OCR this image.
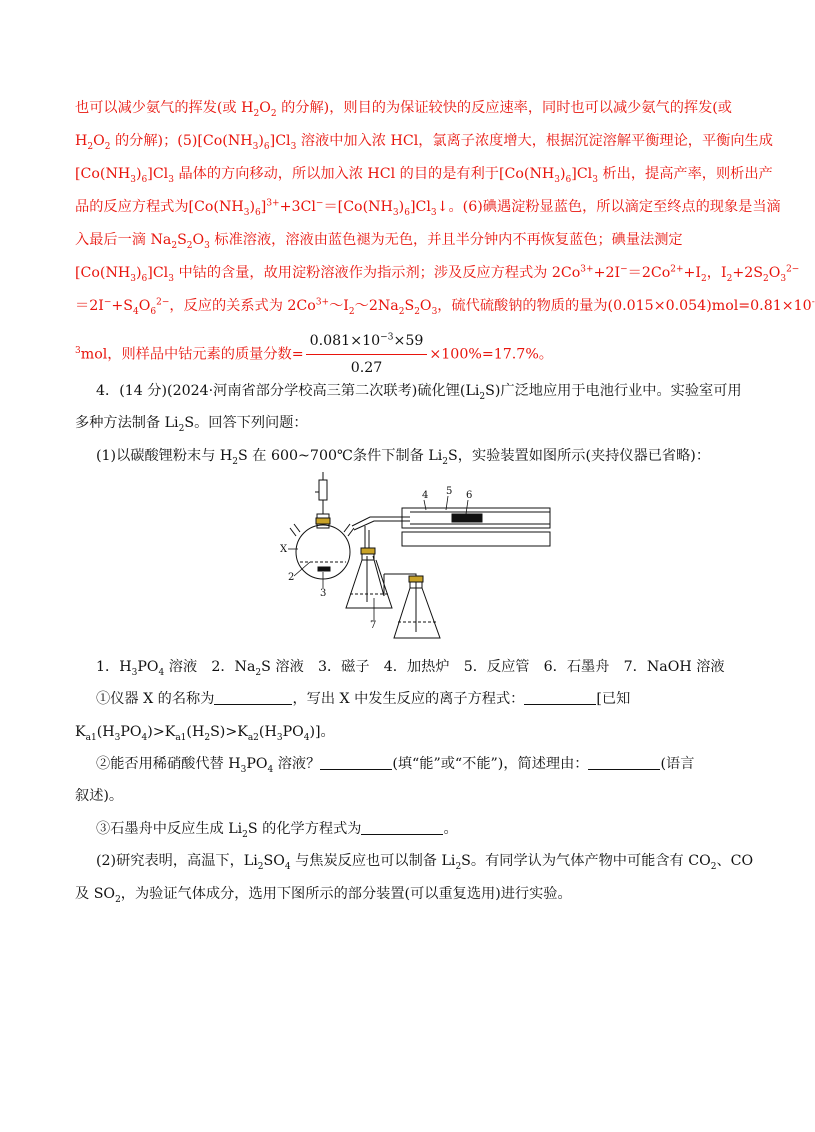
也可以减少氨气的挥发(或 $H_2O_2$ 的分解)，则目的为保证较快的反应速率，同时也可以减少氨气的挥发(或
$H_2O_2$ 的分解)；$(5)[Co(NH_3)_6]Cl_3$ 溶液中加入浓 HCl，氯离子浓度增大，根据沉淀溶解平衡理论，平衡向生成
$[Co(NH_3)_6]Cl_3$ 晶体的方向移动，所以加入浓 HCl 的目的是有利于$[Co(NH_3)_6]Cl_3$ 析出，提高产率，则析出产
品的反应方程式为$[Co(NH_3)_6]^{3+}+3Cl^-=[Co(NH_3)_6]Cl_3↓$。(6)碘遇淀粉显蓝色，所以滴定至终点的现象是当滴
入最后一滴 $Na_2S_2O_3$ 标准溶液，溶液由蓝色褪为无色，并且半分钟内不再恢复蓝色；碘量法测定
$[Co(NH_3)_6]Cl_3$ 中钴的含量，故用淀粉溶液作为指示剂；涉及反应方程式为 $2Co^{3+}+2I^-=2Co^{2+}+I_2$，$I_2+2S_2O_3^{2-}$
$=2I^-+S_4O_6^{2-}$，反应的关系式为 $2Co^{3+}\sim I_2\sim 2Na_2S_2O_3$，硫代硫酸钠的物质的量为(0.015×0.054)mol=0.81×10-
$^3$mol，则样品中钴元素的质量分数= $\frac{0.081\times 10^{-3}\times 59}{0.27} \times 100\%=17.7\%$。
4．(14 分)(2024·河南省部分学校高三第二次联考)硫化锂$(Li_2S)$广泛地应用于电池行业中。实验室可用
多种方法制备 $Li_2S$。回答下列问题：
(1)以碳酸锂粉末与 $H_2S$ 在 600~700℃条件下制备 $Li_2S$，实验装置如图所示(夹持仪器已省略)：
4 5 6
X
2
3
7
1．$H_3PO_4$ 溶液　2．$Na_2S$ 溶液　3．磁子　4．加热炉　5．反应管　6．石墨舟　7．NaOH 溶液
①仪器 X 的名称为	，写出 X 中发生反应的离子方程式：	[已知
$K_{a1}(H_3PO_4)>K_{a1}(H_2S)>K_{a2}(H_3PO_4)$]。
②能否用稀硝酸代替 $H_3PO_4$ 溶液？	(填“能”或“不能”)，简述理由：	(语言
叙述)。
③石墨舟中反应生成 $Li_2S$ 的化学方程式为	。
(2)研究表明，高温下，$Li_2SO_4$ 与焦炭反应也可以制备 $Li_2S$。有同学认为气体产物中可能含有 $CO_2$、CO
及 $SO_2$，为验证气体成分，选用下图所示的部分装置(可以重复选用)进行实验。
